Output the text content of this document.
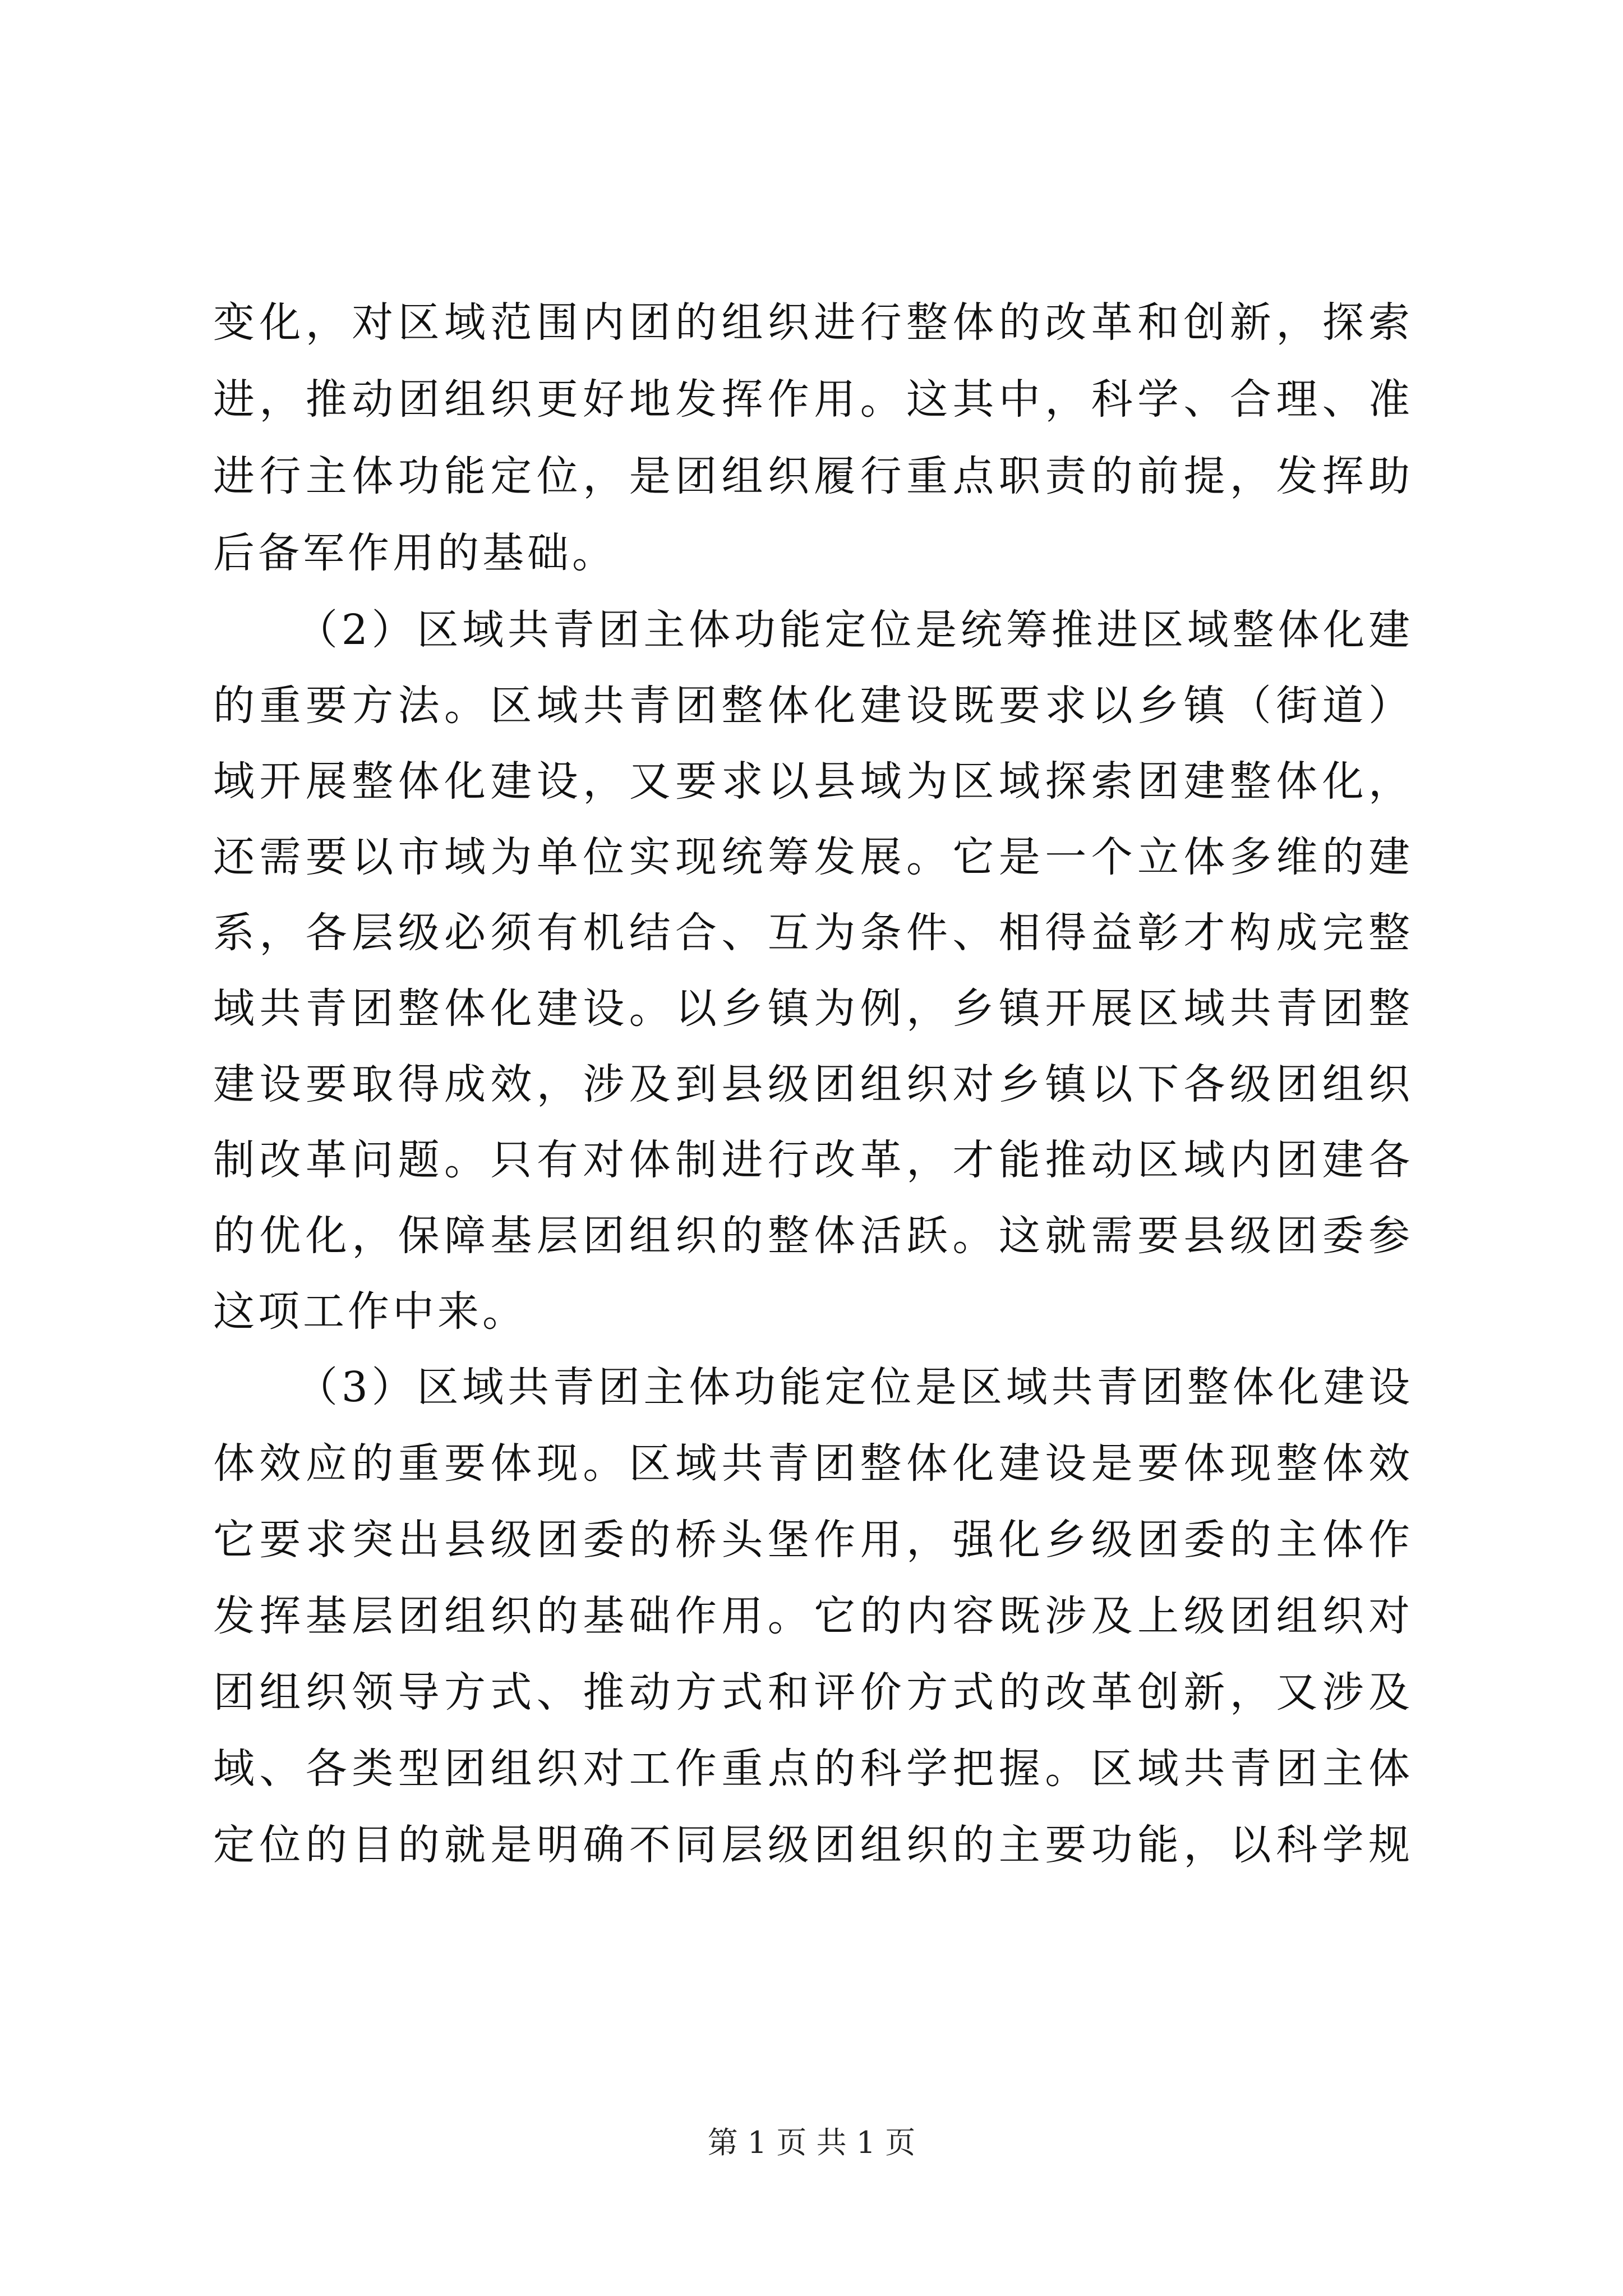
变化，对区域范围内团的组织进行整体的改革和创新，探索
进，推动团组织更好地发挥作用。这其中，科学、合理、准
进行主体功能定位，是团组织履行重点职责的前提，发挥助
后备军作用的基础。
（2）区域共青团主体功能定位是统筹推进区域整体化建
的重要方法。区域共青团整体化建设既要求以乡镇（街道）
域开展整体化建设，又要求以县域为区域探索团建整体化，
还需要以市域为单位实现统筹发展。它是一个立体多维的建
系，各层级必须有机结合、互为条件、相得益彰才构成完整
域共青团整体化建设。以乡镇为例，乡镇开展区域共青团整
建设要取得成效，涉及到县级团组织对乡镇以下各级团组织
制改革问题。只有对体制进行改革，才能推动区域内团建各
的优化，保障基层团组织的整体活跃。这就需要县级团委参
这项工作中来。
（3）区域共青团主体功能定位是区域共青团整体化建设
体效应的重要体现。区域共青团整体化建设是要体现整体效
它要求突出县级团委的桥头堡作用，强化乡级团委的主体作
发挥基层团组织的基础作用。它的内容既涉及上级团组织对
团组织领导方式、推动方式和评价方式的改革创新，又涉及
域、各类型团组织对工作重点的科学把握。区域共青团主体
定位的目的就是明确不同层级团组织的主要功能，以科学规
第 1 页 共 1 页
